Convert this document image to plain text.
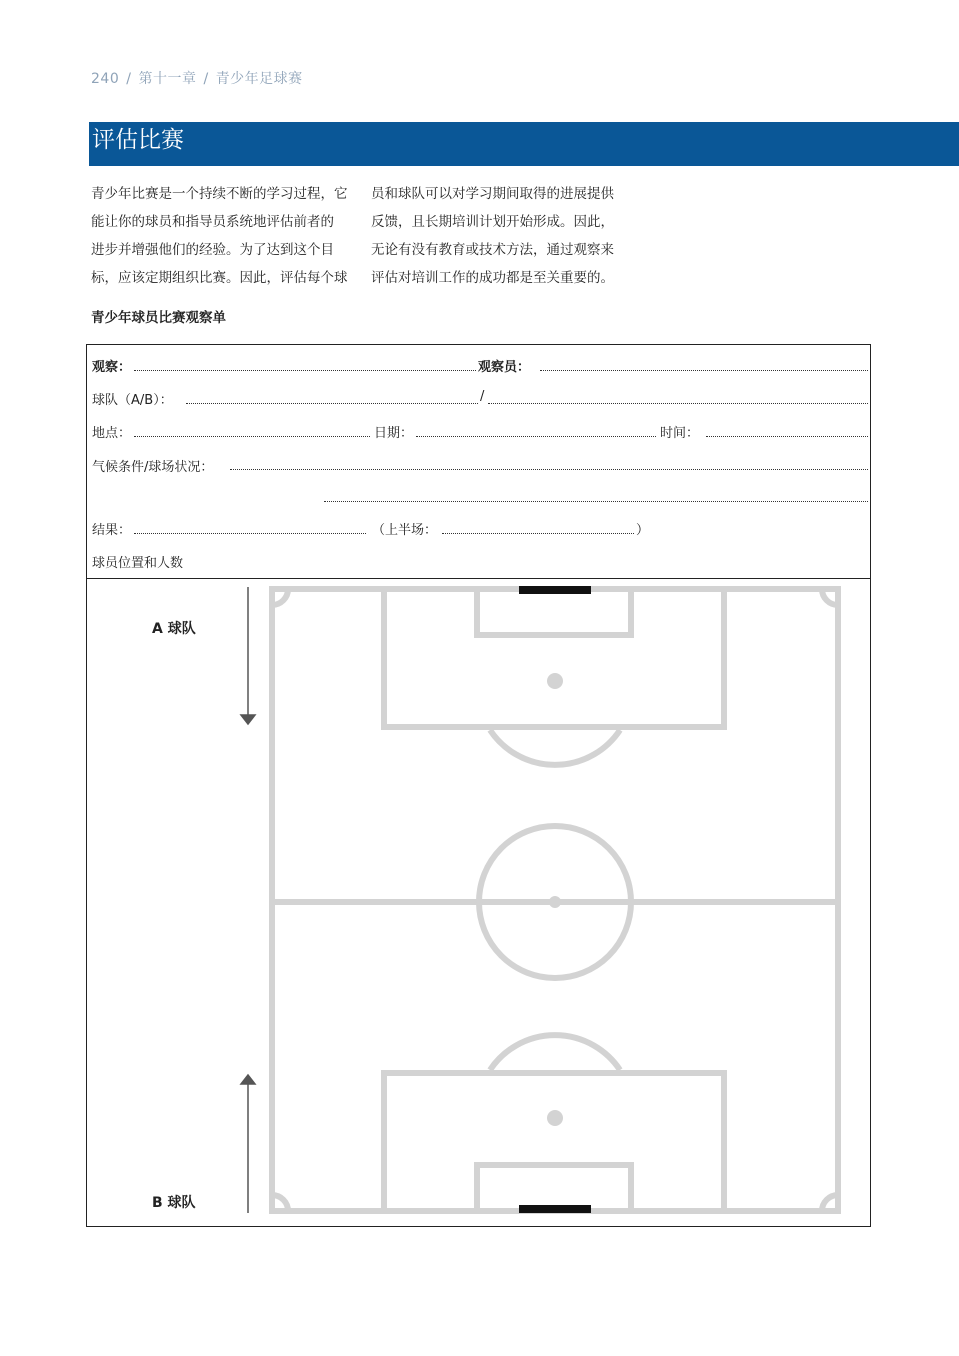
240 / 第十一章 / 青少年足球赛
评估比赛
青少年比赛是一个持续不断的学习过程，它
能让你的球员和指导员系统地评估前者的
进步并增强他们的经验。为了达到这个目
标，应该定期组织比赛。因此，评估每个球
员和球队可以对学习期间取得的进展提供
反馈，且长期培训计划开始形成。因此，
无论有没有教育或技术方法，通过观察来
评估对培训工作的成功都是至关重要的。
青少年球员比赛观察单
观察：	观察员：
球队（A/B）：	/
地点：	日期：	时间：
气候条件/球场状况：
结果：	（上半场：	）
球员位置和人数
A 球队
B 球队
